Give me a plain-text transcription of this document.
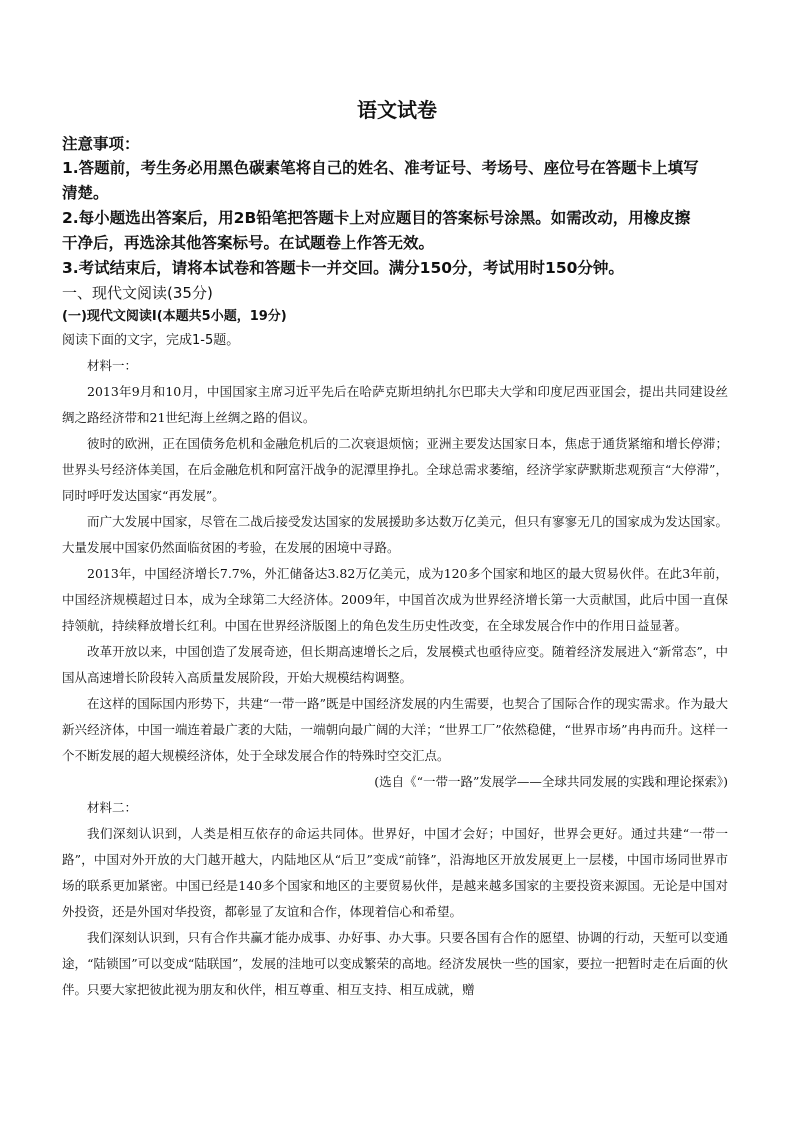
语文试卷
注意事项：
1.答题前，考生务必用黑色碳素笔将自己的姓名、准考证号、考场号、座位号在答题卡上填写
清楚。
2.每小题选出答案后，用2B铅笔把答题卡上对应题目的答案标号涂黑。如需改动，用橡皮擦
干净后，再选涂其他答案标号。在试题卷上作答无效。
3.考试结束后，请将本试卷和答题卡一并交回。满分150分，考试用时150分钟。
一、现代文阅读(35分)
(一)现代文阅读Ⅰ(本题共5小题，19分)
阅读下面的文字，完成1-5题。

材料一：

2013年9月和10月，中国国家主席习近平先后在哈萨克斯坦纳扎尔巴耶夫大学和印度尼西亚国会，提出共同建设丝绸之路经济带和21世纪海上丝绸之路的倡议。

彼时的欧洲，正在国债务危机和金融危机后的二次衰退烦恼；亚洲主要发达国家日本，焦虑于通货紧缩和增长停滞；世界头号经济体美国，在后金融危机和阿富汗战争的泥潭里挣扎。全球总需求萎缩，经济学家萨默斯悲观预言“大停滞”，同时呼吁发达国家“再发展”。

而广大发展中国家，尽管在二战后接受发达国家的发展援助多达数万亿美元，但只有寥寥无几的国家成为发达国家。大量发展中国家仍然面临贫困的考验，在发展的困境中寻路。

2013年，中国经济增长7.7%，外汇储备达3.82万亿美元，成为120多个国家和地区的最大贸易伙伴。在此3年前，中国经济规模超过日本，成为全球第二大经济体。2009年，中国首次成为世界经济增长第一大贡献国，此后中国一直保持领航，持续释放增长红利。中国在世界经济版图上的角色发生历史性改变，在全球发展合作中的作用日益显著。

改革开放以来，中国创造了发展奇迹，但长期高速增长之后，发展模式也亟待应变。随着经济发展进入“新常态”，中国从高速增长阶段转入高质量发展阶段，开始大规模结构调整。

在这样的国际国内形势下，共建“一带一路”既是中国经济发展的内生需要，也契合了国际合作的现实需求。作为最大新兴经济体，中国一端连着最广袤的大陆，一端朝向最广阔的大洋；“世界工厂”依然稳健，“世界市场”冉冉而升。这样一个不断发展的超大规模经济体，处于全球发展合作的特殊时空交汇点。

(选自《“一带一路”发展学——全球共同发展的实践和理论探索》)

材料二：

我们深刻认识到，人类是相互依存的命运共同体。世界好，中国才会好；中国好，世界会更好。通过共建“一带一路”，中国对外开放的大门越开越大，内陆地区从“后卫”变成“前锋”，沿海地区开放发展更上一层楼，中国市场同世界市场的联系更加紧密。中国已经是140多个国家和地区的主要贸易伙伴，是越来越多国家的主要投资来源国。无论是中国对外投资，还是外国对华投资，都彰显了友谊和合作，体现着信心和希望。

我们深刻认识到，只有合作共赢才能办成事、办好事、办大事。只要各国有合作的愿望、协调的行动，天堑可以变通途，“陆锁国”可以变成“陆联国”，发展的洼地可以变成繁荣的高地。经济发展快一些的国家，要拉一把暂时走在后面的伙伴。只要大家把彼此视为朋友和伙伴，相互尊重、相互支持、相互成就，赠
